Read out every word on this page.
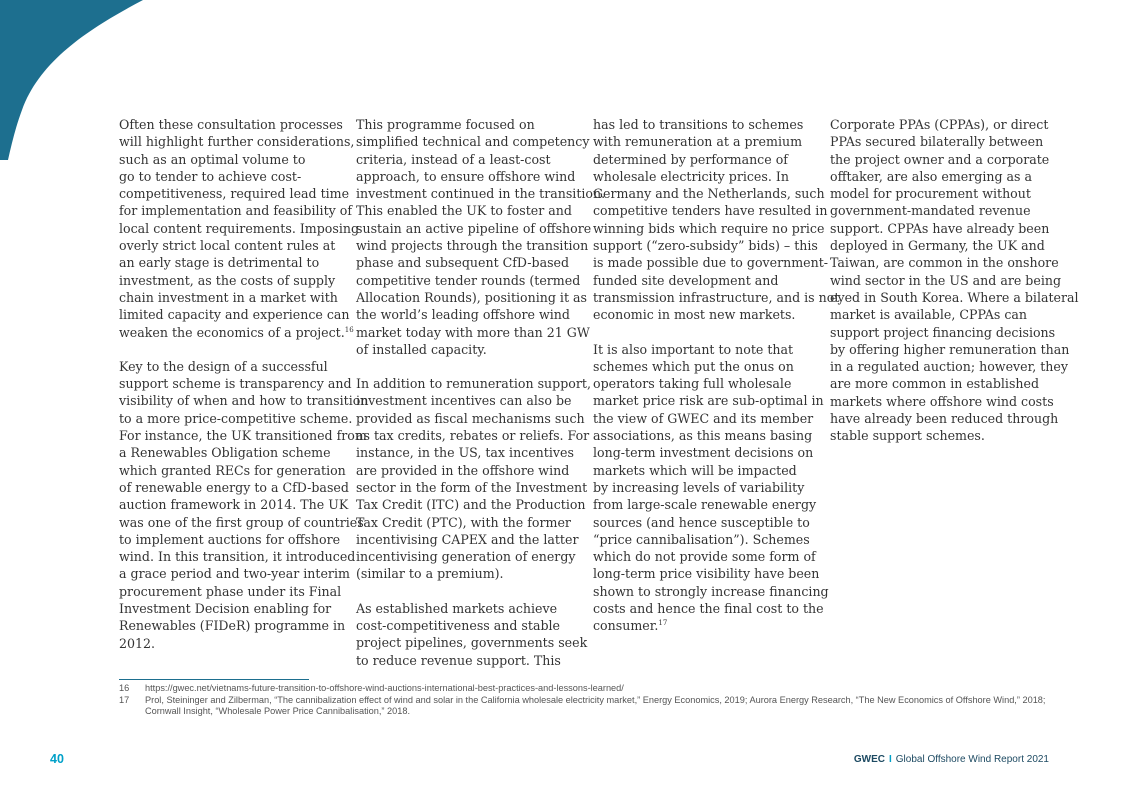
Often these consultation processes
will highlight further considerations,
such as an optimal volume to
go to tender to achieve cost-
competitiveness, required lead time
for implementation and feasibility of
local content requirements. Imposing
overly strict local content rules at
an early stage is detrimental to
investment, as the costs of supply
chain investment in a market with
limited capacity and experience can
weaken the economics of a project.$^{16}$

Key to the design of a successful
support scheme is transparency and
visibility of when and how to transition
to a more price-competitive scheme.
For instance, the UK transitioned from
a Renewables Obligation scheme
which granted RECs for generation
of renewable energy to a CfD-based
auction framework in 2014. The UK
was one of the first group of countries
to implement auctions for offshore
wind. In this transition, it introduced
a grace period and two-year interim
procurement phase under its Final
Investment Decision enabling for
Renewables (FIDeR) programme in
2012.

This programme focused on
simplified technical and competency
criteria, instead of a least-cost
approach, to ensure offshore wind
investment continued in the transition.
This enabled the UK to foster and
sustain an active pipeline of offshore
wind projects through the transition
phase and subsequent CfD-based
competitive tender rounds (termed
Allocation Rounds), positioning it as
the world’s leading offshore wind
market today with more than 21 GW
of installed capacity.

In addition to remuneration support,
investment incentives can also be
provided as fiscal mechanisms such
as tax credits, rebates or reliefs. For
instance, in the US, tax incentives
are provided in the offshore wind
sector in the form of the Investment
Tax Credit (ITC) and the Production
Tax Credit (PTC), with the former
incentivising CAPEX and the latter
incentivising generation of energy
(similar to a premium).

As established markets achieve
cost-competitiveness and stable
project pipelines, governments seek
to reduce revenue support. This

has led to transitions to schemes
with remuneration at a premium
determined by performance of
wholesale electricity prices. In
Germany and the Netherlands, such
competitive tenders have resulted in
winning bids which require no price
support (“zero-subsidy” bids) – this
is made possible due to government-
funded site development and
transmission infrastructure, and is not
economic in most new markets.

It is also important to note that
schemes which put the onus on
operators taking full wholesale
market price risk are sub-optimal in
the view of GWEC and its member
associations, as this means basing
long-term investment decisions on
markets which will be impacted
by increasing levels of variability
from large-scale renewable energy
sources (and hence susceptible to
“price cannibalisation”). Schemes
which do not provide some form of
long-term price visibility have been
shown to strongly increase financing
costs and hence the final cost to the
consumer.$^{17}$

Corporate PPAs (CPPAs), or direct
PPAs secured bilaterally between
the project owner and a corporate
offtaker, are also emerging as a
model for procurement without
government-mandated revenue
support. CPPAs have already been
deployed in Germany, the UK and
Taiwan, are common in the onshore
wind sector in the US and are being
eyed in South Korea. Where a bilateral
market is available, CPPAs can
support project financing decisions
by offering higher remuneration than
in a regulated auction; however, they
are more common in established
markets where offshore wind costs
have already been reduced through
stable support schemes.

16	https://gwec.net/vietnams-future-transition-to-offshore-wind-auctions-international-best-practices-and-lessons-learned/
17	Prol, Steininger and Zilberman, “The cannibalization effect of wind and solar in the California wholesale electricity market,” Energy Economics, 2019; Aurora Energy Research, “The New Economics of Offshore Wind,” 2018;
Cornwall Insight, “Wholesale Power Price Cannibalisation,” 2018.
40	GWEC I Global Offshore Wind Report 2021
